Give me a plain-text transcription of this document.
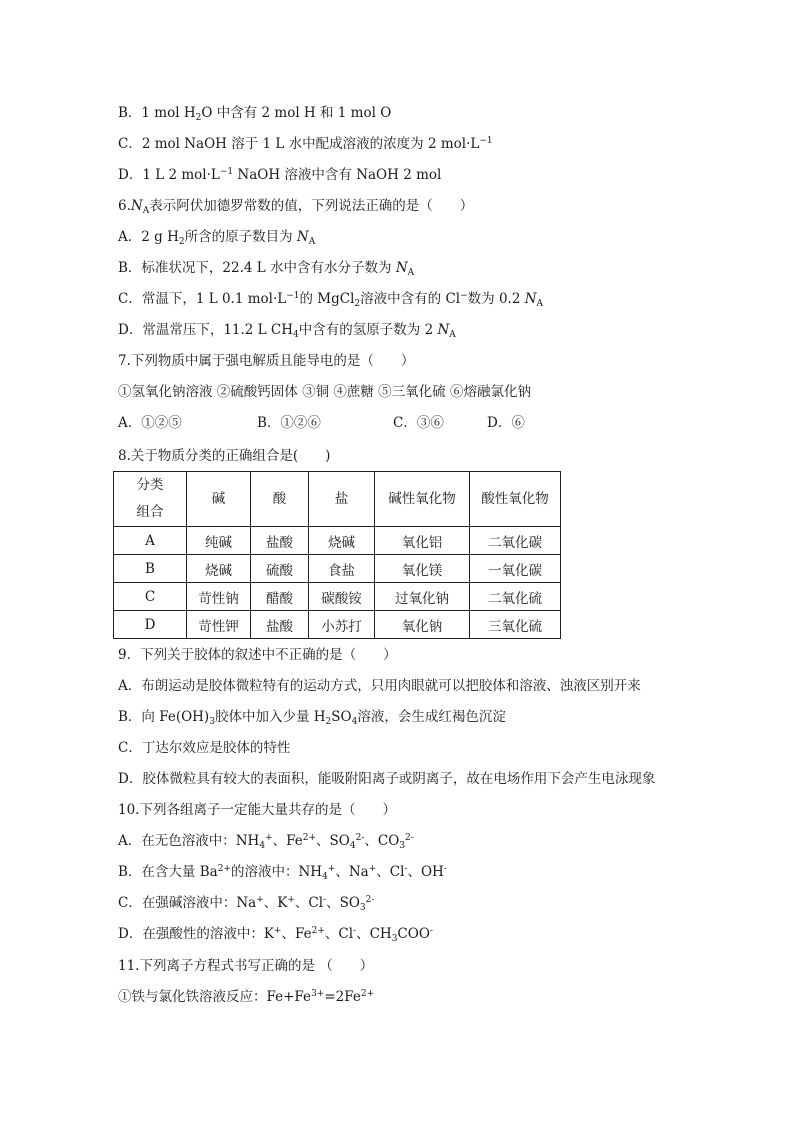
B．1 mol $H_2O$ 中含有 2 mol H 和 1 mol O
C．2 mol NaOH 溶于 1 L 水中配成溶液的浓度为 2 $mol\cdot L^{-1}$
D．1 L 2 $mol\cdot L^{-1}$ NaOH 溶液中含有 NaOH 2 mol
$6.N_A$表示阿伏加德罗常数的值，下列说法正确的是（　　）
A．2 g $H_2$所含的原子数目为 $N_A$
B．标准状况下，22.4 L 水中含有水分子数为 $N_A$
C．常温下，1 L 0.1 $mol\cdot L^{-1}$的 MgCl$_2$溶液中含有的 Cl−数为 0.2 $N_A$
D．常温常压下，11.2 L $CH_4$中含有的氢原子数为 2 $N_A$
7.下列物质中属于强电解质且能导电的是（　　）
①氢氧化钠溶液 ②硫酸钙固体 ③铜 ④蔗糖 ⑤三氧化硫 ⑥熔融氯化钠
A．①②⑤	B．①②⑥	C．③⑥	D．⑥
8.关于物质分类的正确组合是(　　)
分类组合	碱	酸	盐	碱性氧化物	酸性氧化物
A	纯碱	盐酸	烧碱	氧化铝	二氧化碳
B	烧碱	硫酸	食盐	氧化镁	一氧化碳
C	苛性钠	醋酸	碳酸铵	过氧化钠	二氧化硫
D	苛性钾	盐酸	小苏打	氧化钠	三氧化硫
9．下列关于胶体的叙述中不正确的是（　　）
A．布朗运动是胶体微粒特有的运动方式，只用肉眼就可以把胶体和溶液、浊液区别开来
B．向 $Fe(OH)_3$胶体中加入少量 $H_2SO_4$溶液，会生成红褐色沉淀
C．丁达尔效应是胶体的特性
D．胶体微粒具有较大的表面积，能吸附阳离子或阴离子，故在电场作用下会产生电泳现象
10.下列各组离子一定能大量共存的是（　　）
A．在无色溶液中：$NH_4^+$、$Fe^{2+}$、$SO_4^{2-}$、$CO_3^{2-}$
B．在含大量 $Ba^{2+}$的溶液中：$NH_4^+$、Na+、Cl-、OH-
C．在强碱溶液中：Na+、K+、Cl-、$SO_3^{2-}$
D．在强酸性的溶液中：K+、$Fe^{2+}$、Cl-、$CH_3COO^-$
11.下列离子方程式书写正确的是 （　　）
①铁与氯化铁溶液反应：$Fe+Fe^{3+}=2Fe^{2+}$
